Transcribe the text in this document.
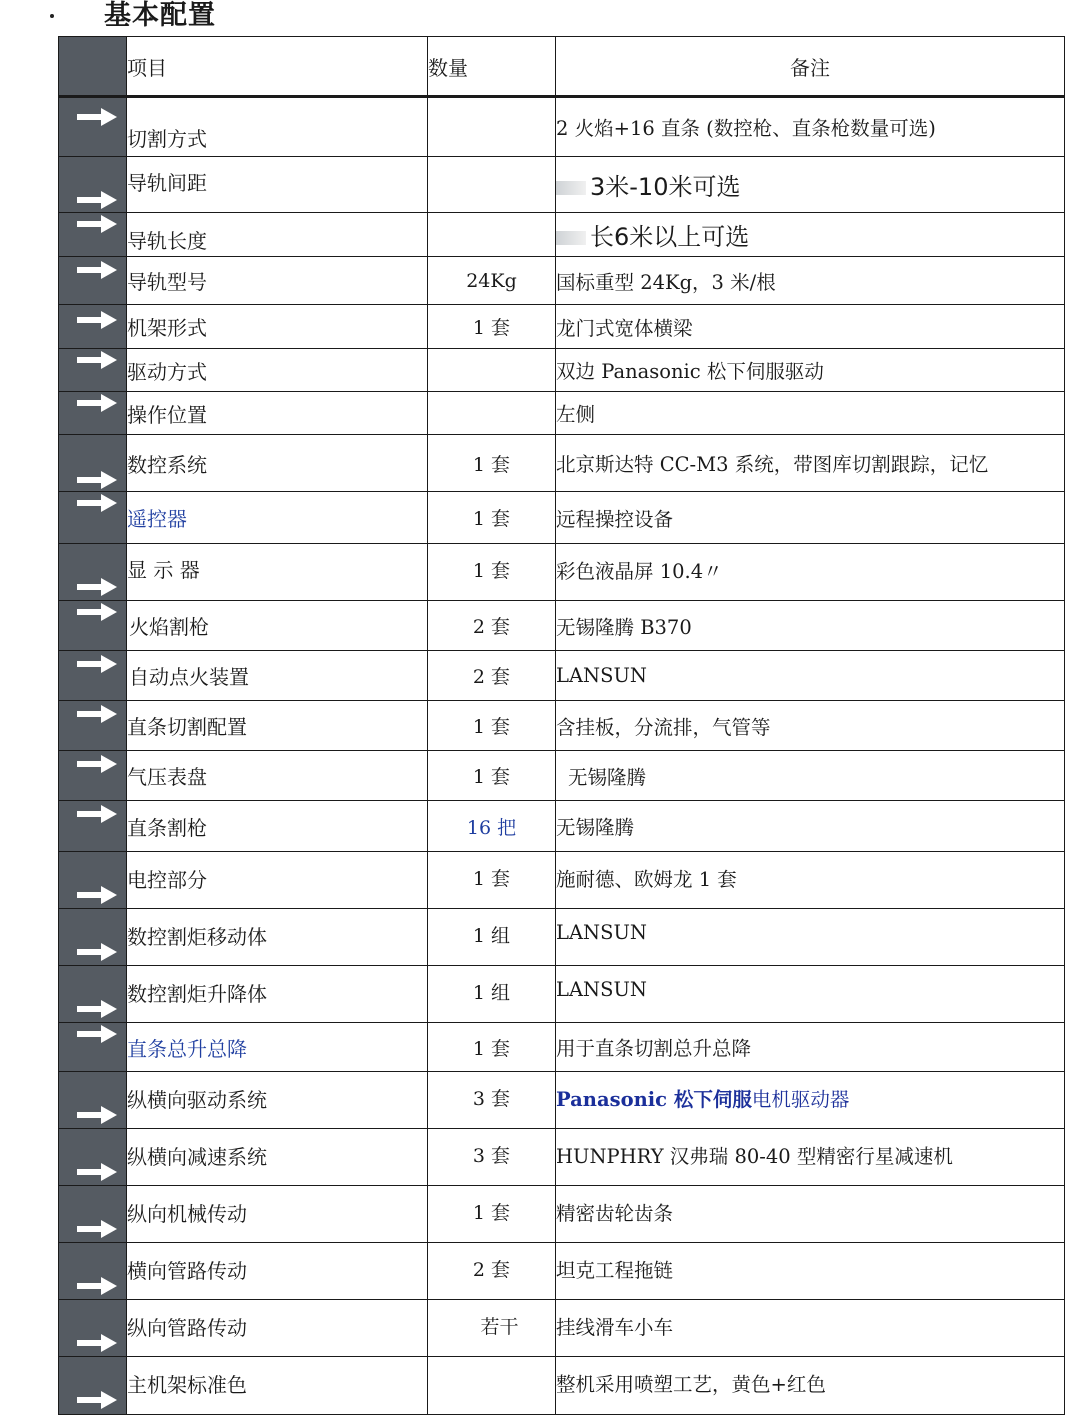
基本配置
	项目	数量	备注

	切割方式		2 火焰+16 直条 (数控枪、直条枪数量可选)

	导轨间距		3米-10米可选

	导轨长度		长6米以上可选

	导轨型号	24Kg	国标重型 24Kg，3 米/根

	机架形式	1 套	龙门式宽体横梁

	驱动方式		双边 Panasonic 松下伺服驱动

	操作位置		左侧

	数控系统	1 套	北京斯达特 CC-M3 系统，带图库切割跟踪，记忆

	遥控器	1 套	远程操控设备

	显 示 器	1 套	彩色液晶屏 10.4〃

	火焰割枪	2 套	无锡隆腾 B370

	自动点火装置	2 套	LANSUN

	直条切割配置	1 套	含挂板，分流排，气管等

	气压表盘	1 套	无锡隆腾

	直条割枪	16 把	无锡隆腾

	电控部分	1 套	施耐德、欧姆龙 1 套

	数控割炬移动体	1 组	LANSUN

	数控割炬升降体	1 组	LANSUN

	直条总升总降	1 套	用于直条切割总升总降

	纵横向驱动系统	3 套	Panasonic 松下伺服电机驱动器

	纵横向减速系统	3 套	HUNPHRY 汉弗瑞 80-40 型精密行星减速机

	纵向机械传动	1 套	精密齿轮齿条

	横向管路传动	2 套	坦克工程拖链

	纵向管路传动	若干	挂线滑车小车

	主机架标准色		整机采用喷塑工艺，黄色+红色
